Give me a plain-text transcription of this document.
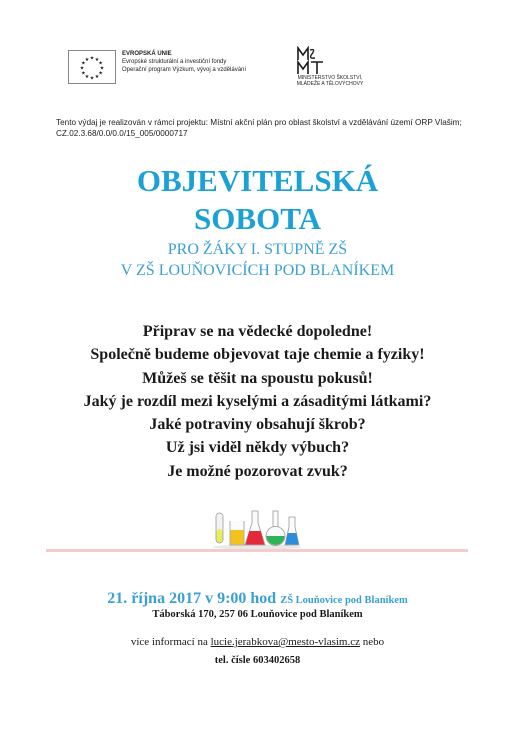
★ ★
★
★
★
★
★
★
★
★
★
★
EVROPSKÁ UNIE
Evropské strukturální a investiční fondy
Operační program Výzkum, vývoj a vzdělávání
MINISTERSTVO ŠKOLSTVÍ,
MLÁDEŽE A TĚLOVÝCHOVY
Tento výdaj je realizován v rámci projektu: Místní akční plán pro oblast školství a vzdělávání území ORP Vlašim; CZ.02.3.68/0.0/0.0/15_005/0000717
OBJEVITELSKÁ
SOBOTA
PRO ŽÁKY I. STUPNĚ ZŠ
V ZŠ LOUŇOVICÍCH POD BLANÍKEM
Připrav se na vědecké dopoledne!
Společně budeme objevovat taje chemie a fyziky!
Můžeš se těšit na spoustu pokusů!
Jaký je rozdíl mezi kyselými a zásaditými látkami?
Jaké potraviny obsahují škrob?
Už jsi viděl někdy výbuch?
Je možné pozorovat zvuk?
21. října 2017 v 9:00 hod ZŠ Louňovice pod Blaníkem
Táborská 170, 257 06 Louňovice pod Blaníkem
více informací na lucie.jerabkova@mesto-vlasim.cz nebo
tel. čísle 603402658
